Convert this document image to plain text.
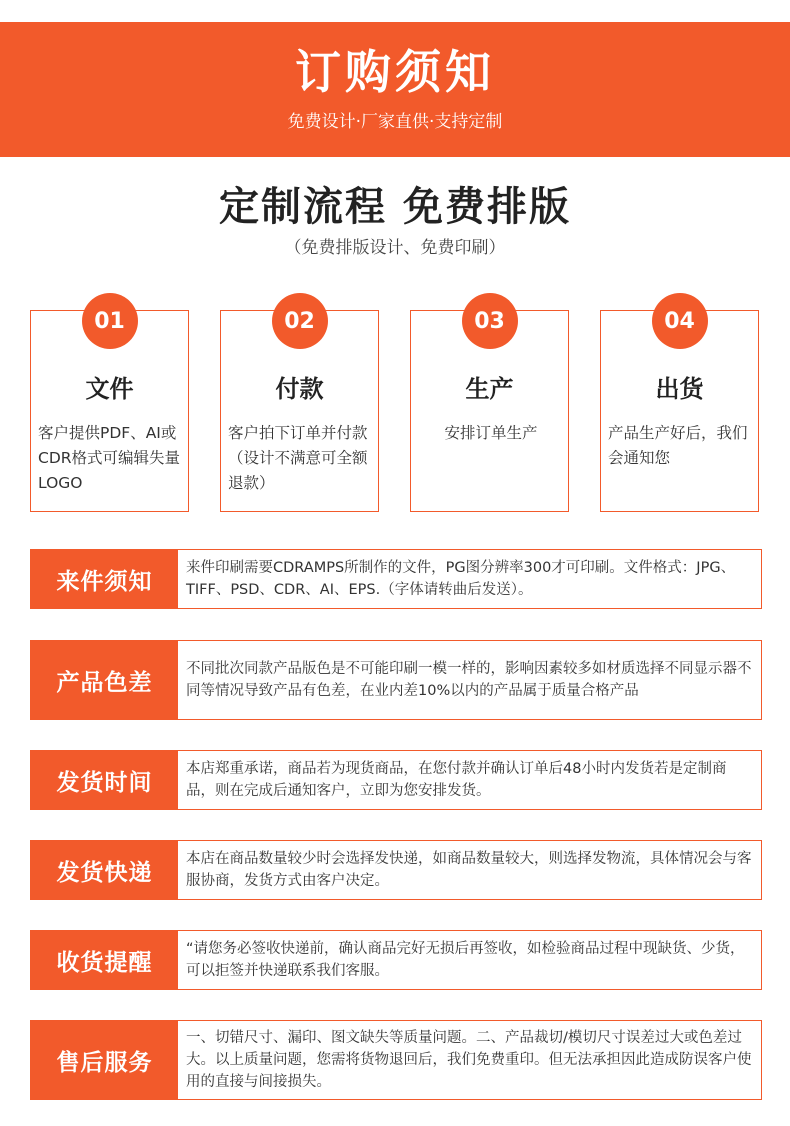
订购须知
免费设计·厂家直供·支持定制
定制流程 免费排版
（免费排版设计、免费印刷）
01
文件
客户提供PDF、AI或CDR格式可编辑失量LOGO
02
付款
客户拍下订单并付款（设计不满意可全额退款）
03
生产
安排订单生产
04
出货
产品生产好后，我们会通知您
来件须知
来件印刷需要CDRAMPS所制作的文件，PG图分辨率300才可印刷。文件格式：JPG、TIFF、PSD、CDR、AI、EPS.（字体请转曲后发送）。
产品色差
不同批次同款产品版色是不可能印刷一模一样的，影响因素较多如材质选择不同显示器不同等情况导致产品有色差，在业内差10%以内的产品属于质量合格产品
发货时间
本店郑重承诺，商品若为现货商品，在您付款并确认订单后48小时内发货若是定制商品，则在完成后通知客户，立即为您安排发货。
发货快递
本店在商品数量较少时会选择发快递，如商品数量较大，则选择发物流，具体情况会与客服协商，发货方式由客户决定。
收货提醒
“请您务必签收快递前，确认商品完好无损后再签收，如检验商品过程中现缺货、少货，可以拒签并快递联系我们客服。
售后服务
一、切错尺寸、漏印、图文缺失等质量问题。二、产品裁切/模切尺寸误差过大或色差过大。以上质量问题，您需将货物退回后，我们免费重印。但无法承担因此造成防误客户使用的直接与间接损失。
